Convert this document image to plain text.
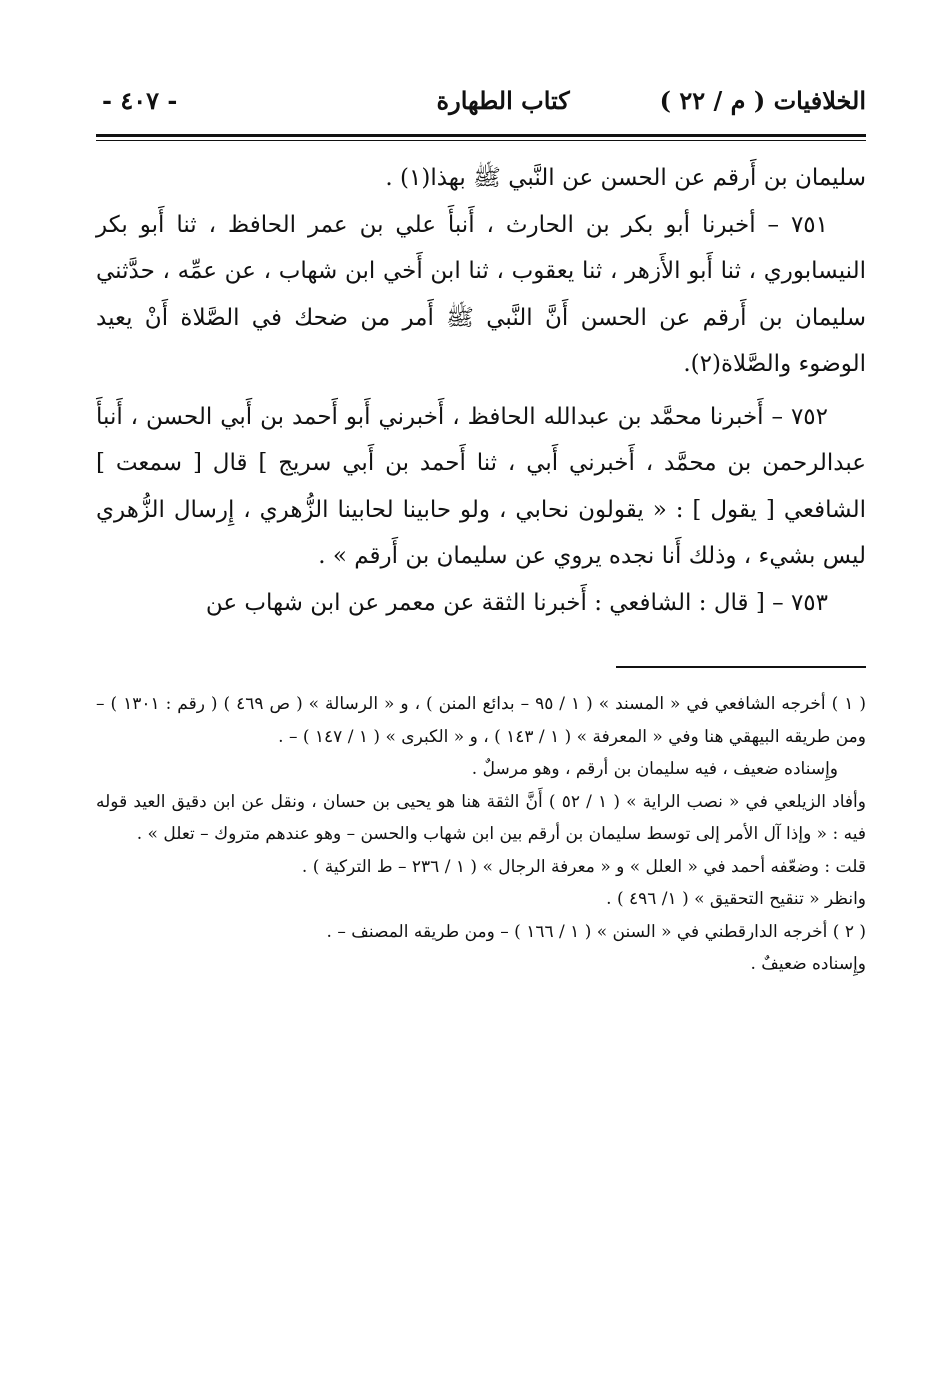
الخلافيات ( م / ٢٢ )
كتاب الطهارة
- ٤٠٧ -

سليمان بن أَرقم عن الحسن عن النَّبي ﷺ بهذا(١) .

٧٥١ – أخبرنا أبو بكر بن الحارث ، أَنبأَ علي بن عمر الحافظ ، ثنا أَبو بكر النيسابوري ، ثنا أَبو الأَزهر ، ثنا يعقوب ، ثنا ابن أَخي ابن شهاب ، عن عمِّه ، حدَّثني سليمان بن أَرقم عن الحسن أَنَّ النَّبي ﷺ أَمر من ضحك في الصَّلاة أَنْ يعيد الوضوء والصَّلاة(٢).

٧٥٢ – أَخبرنا محمَّد بن عبدالله الحافظ ، أَخبرني أَبو أَحمد بن أَبي الحسن ، أَنبأَ عبدالرحمن بن محمَّد ، أَخبرني أَبي ، ثنا أَحمد بن أَبي سريج ] قال [ سمعت ] الشافعي [ يقول ] : « يقولون نحابي ، ولو حابينا لحابينا الزُّهري ، إِرسال الزُّهري ليس بشيء ، وذلك أَنا نجده يروي عن سليمان بن أَرقم » .

٧٥٣ – [ قال : الشافعي : أَخبرنا الثقة عن معمر عن ابن شهاب عن

( ١ ) أخرجه الشافعي في « المسند » ( ١ / ٩٥ – بدائع المنن ) ، و « الرسالة » ( ص ٤٦٩ ) ( رقم : ١٣٠١ ) – ومن طريقه البيهقي هنا وفي « المعرفة » ( ١ / ١٤٣ ) ، و « الكبرى » ( ١ / ١٤٧ ) – .

وإِسناده ضعيف ، فيه سليمان بن أرقم ، وهو مرسلٌ .

وأفاد الزيلعي في « نصب الراية » ( ١ / ٥٢ ) أَنَّ الثقة هنا هو يحيى بن حسان ، ونقل عن ابن دقيق العيد قوله فيه : « وإذا آل الأمر إلى توسط سليمان بن أرقم بين ابن شهاب والحسن – وهو عندهم متروك – تعلل » .

قلت : وضعّفه أحمد في « العلل » و « معرفة الرجال » ( ١ / ٢٣٦ – ط التركية ) .

وانظر « تنقيح التحقيق » ( ١/ ٤٩٦ ) .

( ٢ ) أخرجه الدارقطني في « السنن » ( ١ / ١٦٦ ) – ومن طريقه المصنف – .

وإِسناده ضعيفٌ .
